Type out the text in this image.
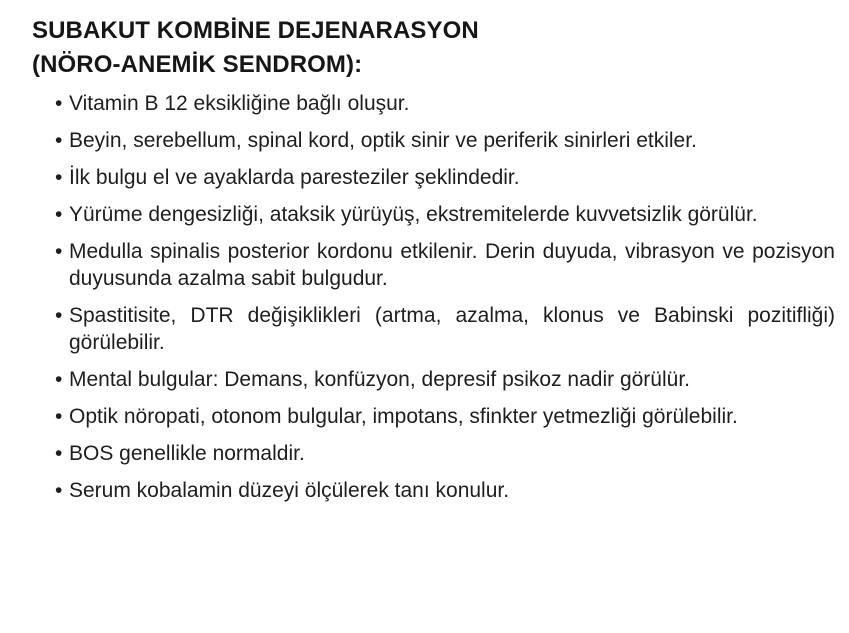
SUBAKUT KOMBİNE DEJENARASYON
(NÖRO-ANEMİK SENDROM):
• Vitamin B 12 eksikliğine bağlı oluşur.
• Beyin, serebellum, spinal kord, optik sinir ve periferik sinirleri etkiler.
• İlk bulgu el ve ayaklarda paresteziler şeklindedir.
• Yürüme dengesizliği, ataksik yürüyüş, ekstremitelerde kuvvetsizlik görülür.
• Medulla spinalis posterior kordonu etkilenir. Derin duyuda, vibrasyon ve pozisyon duyusunda azalma sabit bulgudur.
• Spastitisite, DTR değişiklikleri (artma, azalma, klonus ve Babinski pozitifliği) görülebilir.
• Mental bulgular: Demans, konfüzyon, depresif psikoz nadir görülür.
• Optik nöropati, otonom bulgular, impotans, sfinkter yetmezliği görülebilir.
• BOS genellikle normaldir.
• Serum kobalamin düzeyi ölçülerek tanı konulur.
